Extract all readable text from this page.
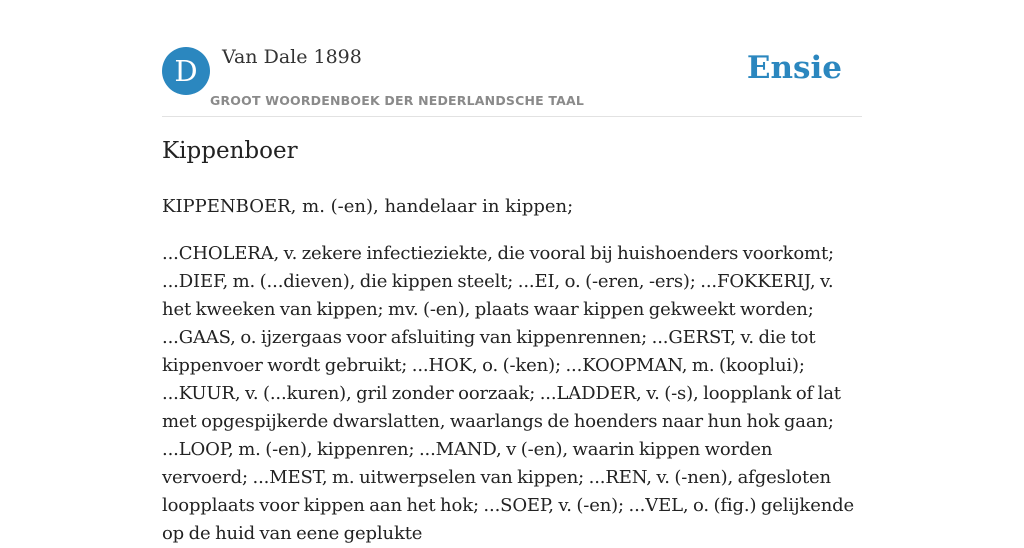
D	Van Dale 1898
GROOT WOORDENBOEK DER NEDERLANDSCHE TAAL
Ensie
Kippenboer

KIPPENBOER, m. (-en), handelaar in kippen;

...CHOLERA, v. zekere infectieziekte, die vooral bij huishoenders voorkomt; ...DIEF, m. (...dieven), die kippen steelt; ...EI, o. (-eren, -ers); ...FOKKERIJ, v. het kweeken van kippen; mv. (-en), plaats waar kippen gekweekt worden; ...GAAS, o. ijzergaas voor afsluiting van kippenrennen; ...GERST, v. die tot kippenvoer wordt gebruikt; ...HOK, o. (-ken); ...KOOPMAN, m. (kooplui); ...KUUR, v. (...kuren), gril zonder oorzaak; ...LADDER, v. (-s), loopplank of lat met opgespijkerde dwarslatten, waarlangs de hoenders naar hun hok gaan; ...LOOP, m. (-en), kippenren; ...MAND, v (-en), waarin kippen worden vervoerd; ...MEST, m. uitwerpselen van kippen; ...REN, v. (-nen), afgesloten loopplaats voor kippen aan het hok; ...SOEP, v. (-en); ...VEL, o. (fig.) gelijkende op de huid van eene geplukte
